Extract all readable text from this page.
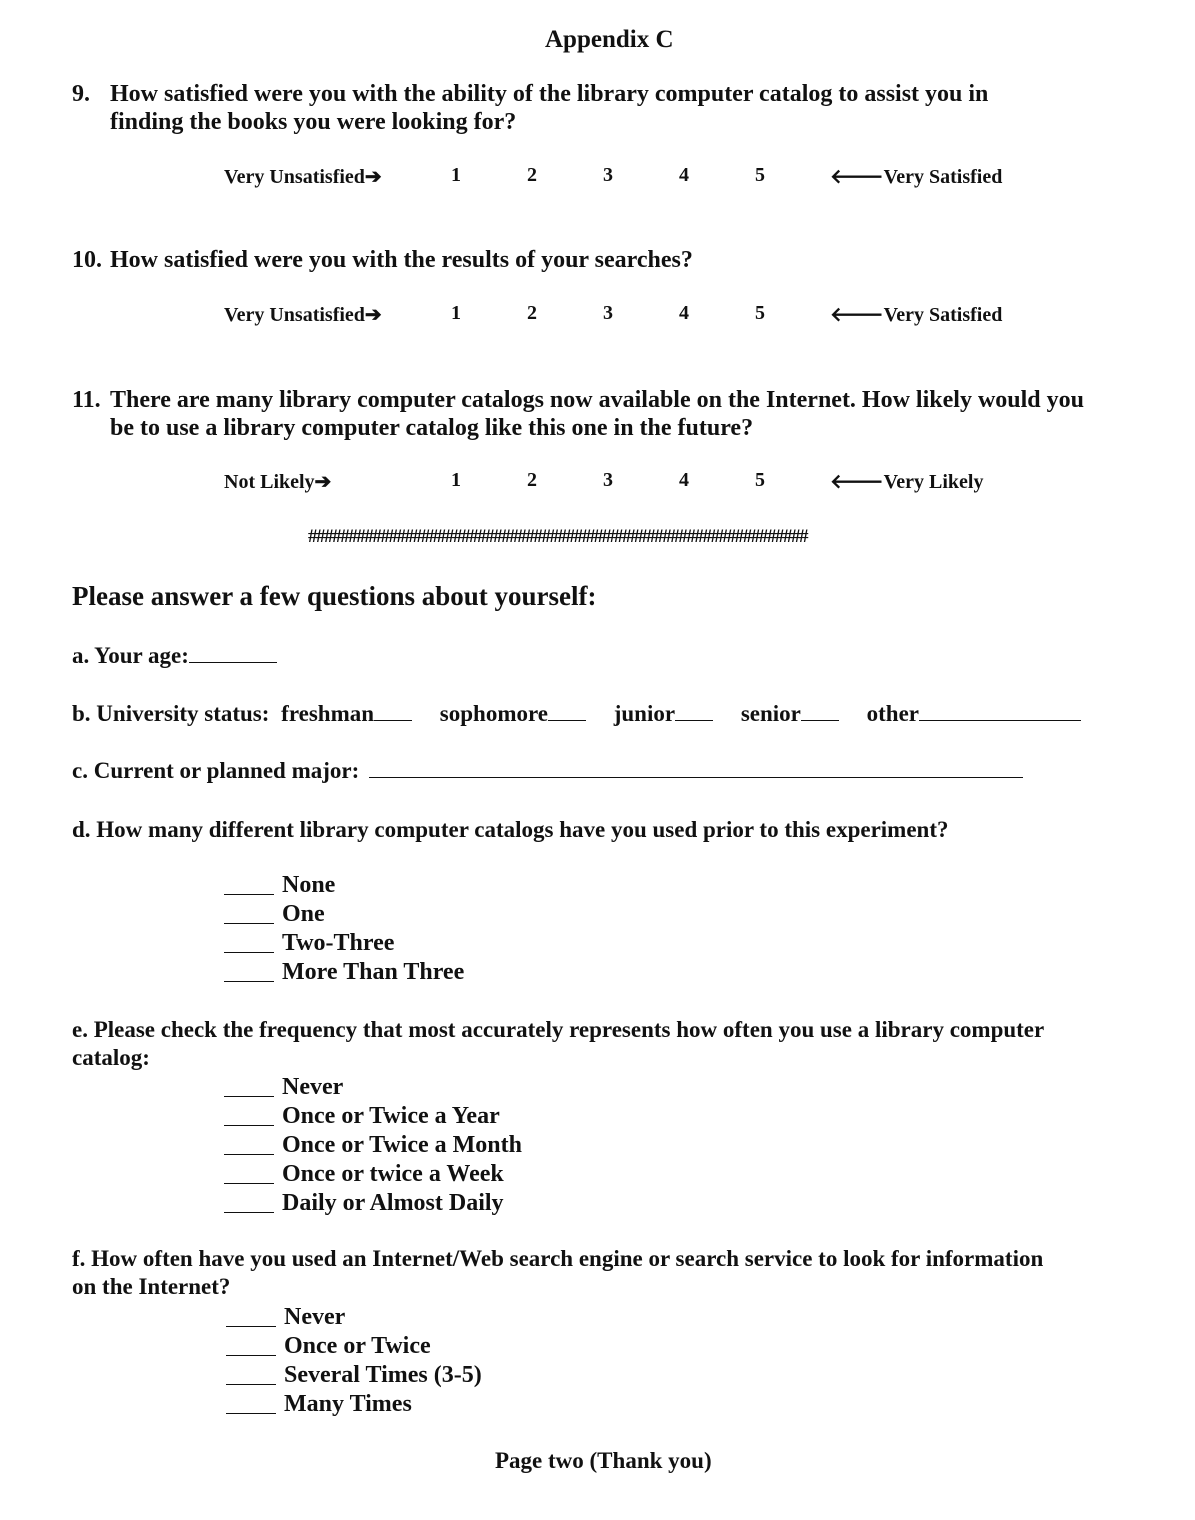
Appendix C
9. How satisfied were you with the ability of the library computer catalog to assist you in
finding the books you were looking for?
Very Unsatisfied➔	1	2	3	4	5	🡐Very Satisfied
10. How satisfied were you with the results of your searches?
Very Unsatisfied➔	1	2	3	4	5	🡐Very Satisfied
11. There are many library computer catalogs now available on the Internet. How likely would you
be to use a library computer catalog like this one in the future?
Not Likely➔	1	2	3	4	5	🡐Very Likely
##############################################################
Please answer a few questions about yourself:
a. Your age:
b. University status: freshman	sophomore	junior	senior	other
c. Current or planned major:
d. How many different library computer catalogs have you used prior to this experiment?
None
One
Two-Three
More Than Three
e. Please check the frequency that most accurately represents how often you use a library computer
catalog:
Never
Once or Twice a Year
Once or Twice a Month
Once or twice a Week
Daily or Almost Daily
f. How often have you used an Internet/Web search engine or search service to look for information
on the Internet?
Never
Once or Twice
Several Times (3-5)
Many Times
Page two (Thank you)
